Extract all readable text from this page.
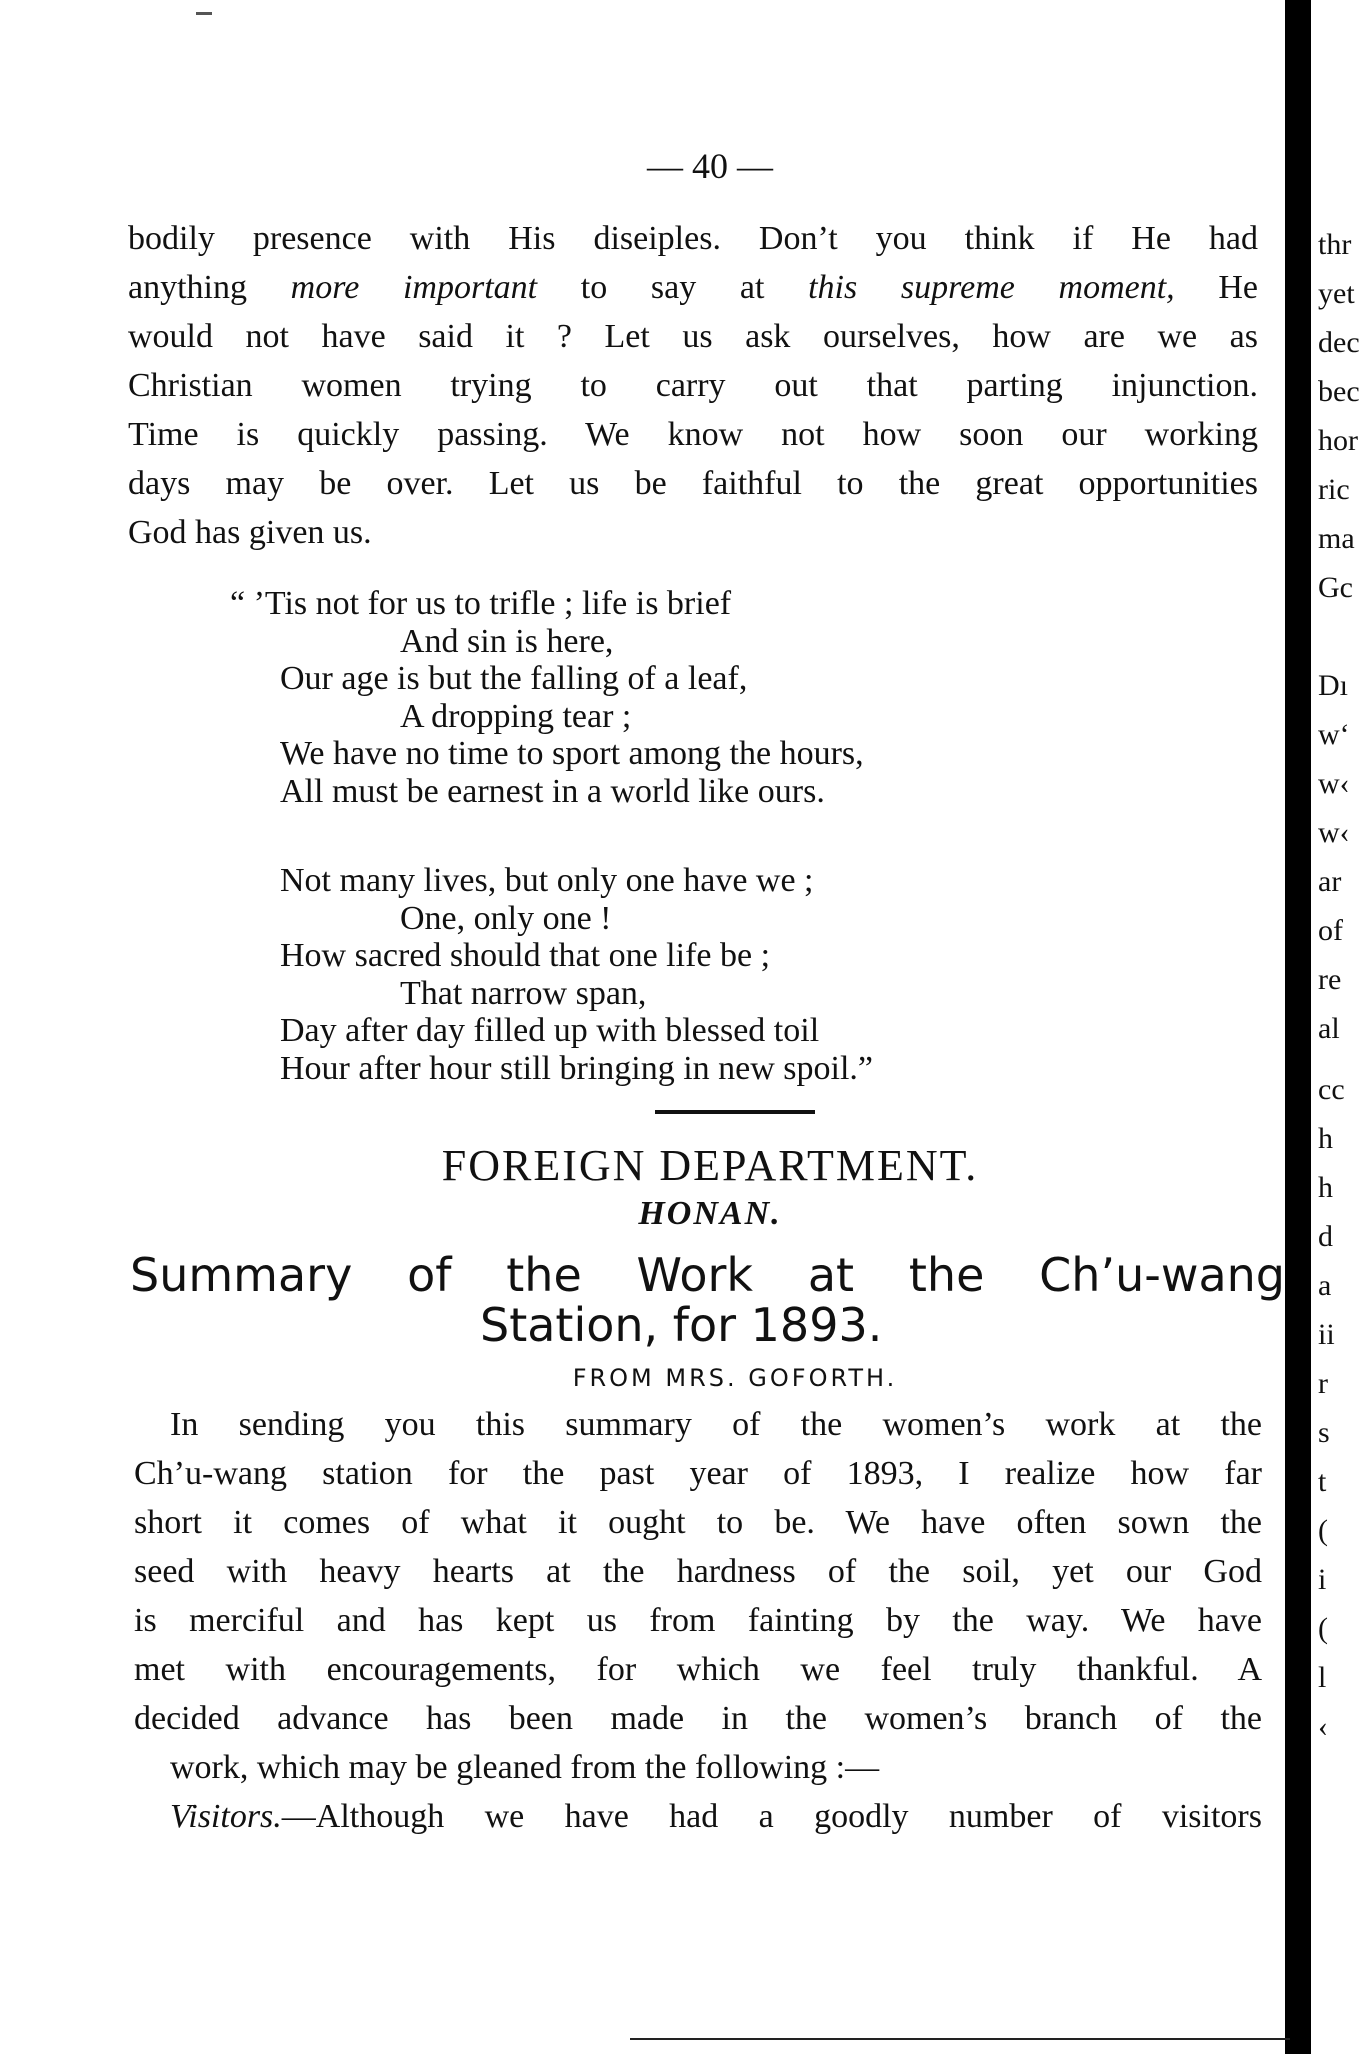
— 40 —
bodily presence with His diseiples. Don’t you think if He had
anything more important to say at this supreme moment, He
would not have said it ? Let us ask ourselves, how are we as
Christian women trying to carry out that parting injunction.
Time is quickly passing. We know not how soon our working
days may be over. Let us be faithful to the great opportunities
God has given us.
“ ’Tis not for us to trifle ; life is brief
And sin is here,
Our age is but the falling of a leaf,
A dropping tear ;
We have no time to sport among the hours,
All must be earnest in a world like ours.
Not many lives, but only one have we ;
One, only one !
How sacred should that one life be ;
That narrow span,
Day after day filled up with blessed toil
Hour after hour still bringing in new spoil.”
FOREIGN DEPARTMENT.
HONAN.
Summary of the Work at the Ch’u-wang
Station, for 1893.
FROM MRS. GOFORTH.
In sending you this summary of the women’s work at the
Ch’u-wang station for the past year of 1893, I realize how far
short it comes of what it ought to be. We have often sown the
seed with heavy hearts at the hardness of the soil, yet our God
is merciful and has kept us from fainting by the way. We have
met with encouragements, for which we feel truly thankful. A
decided advance has been made in the women’s branch of the
work, which may be gleaned from the following :—
Visitors.—Although we have had a goodly number of visitors
thr
yet
dec
bec
hor
ric
ma
Gc

Dı
w‘
w‹
w‹
ar
of
re
al
cc
h
h
d
a
ii
r
s
t
(
i
(
l
‹
